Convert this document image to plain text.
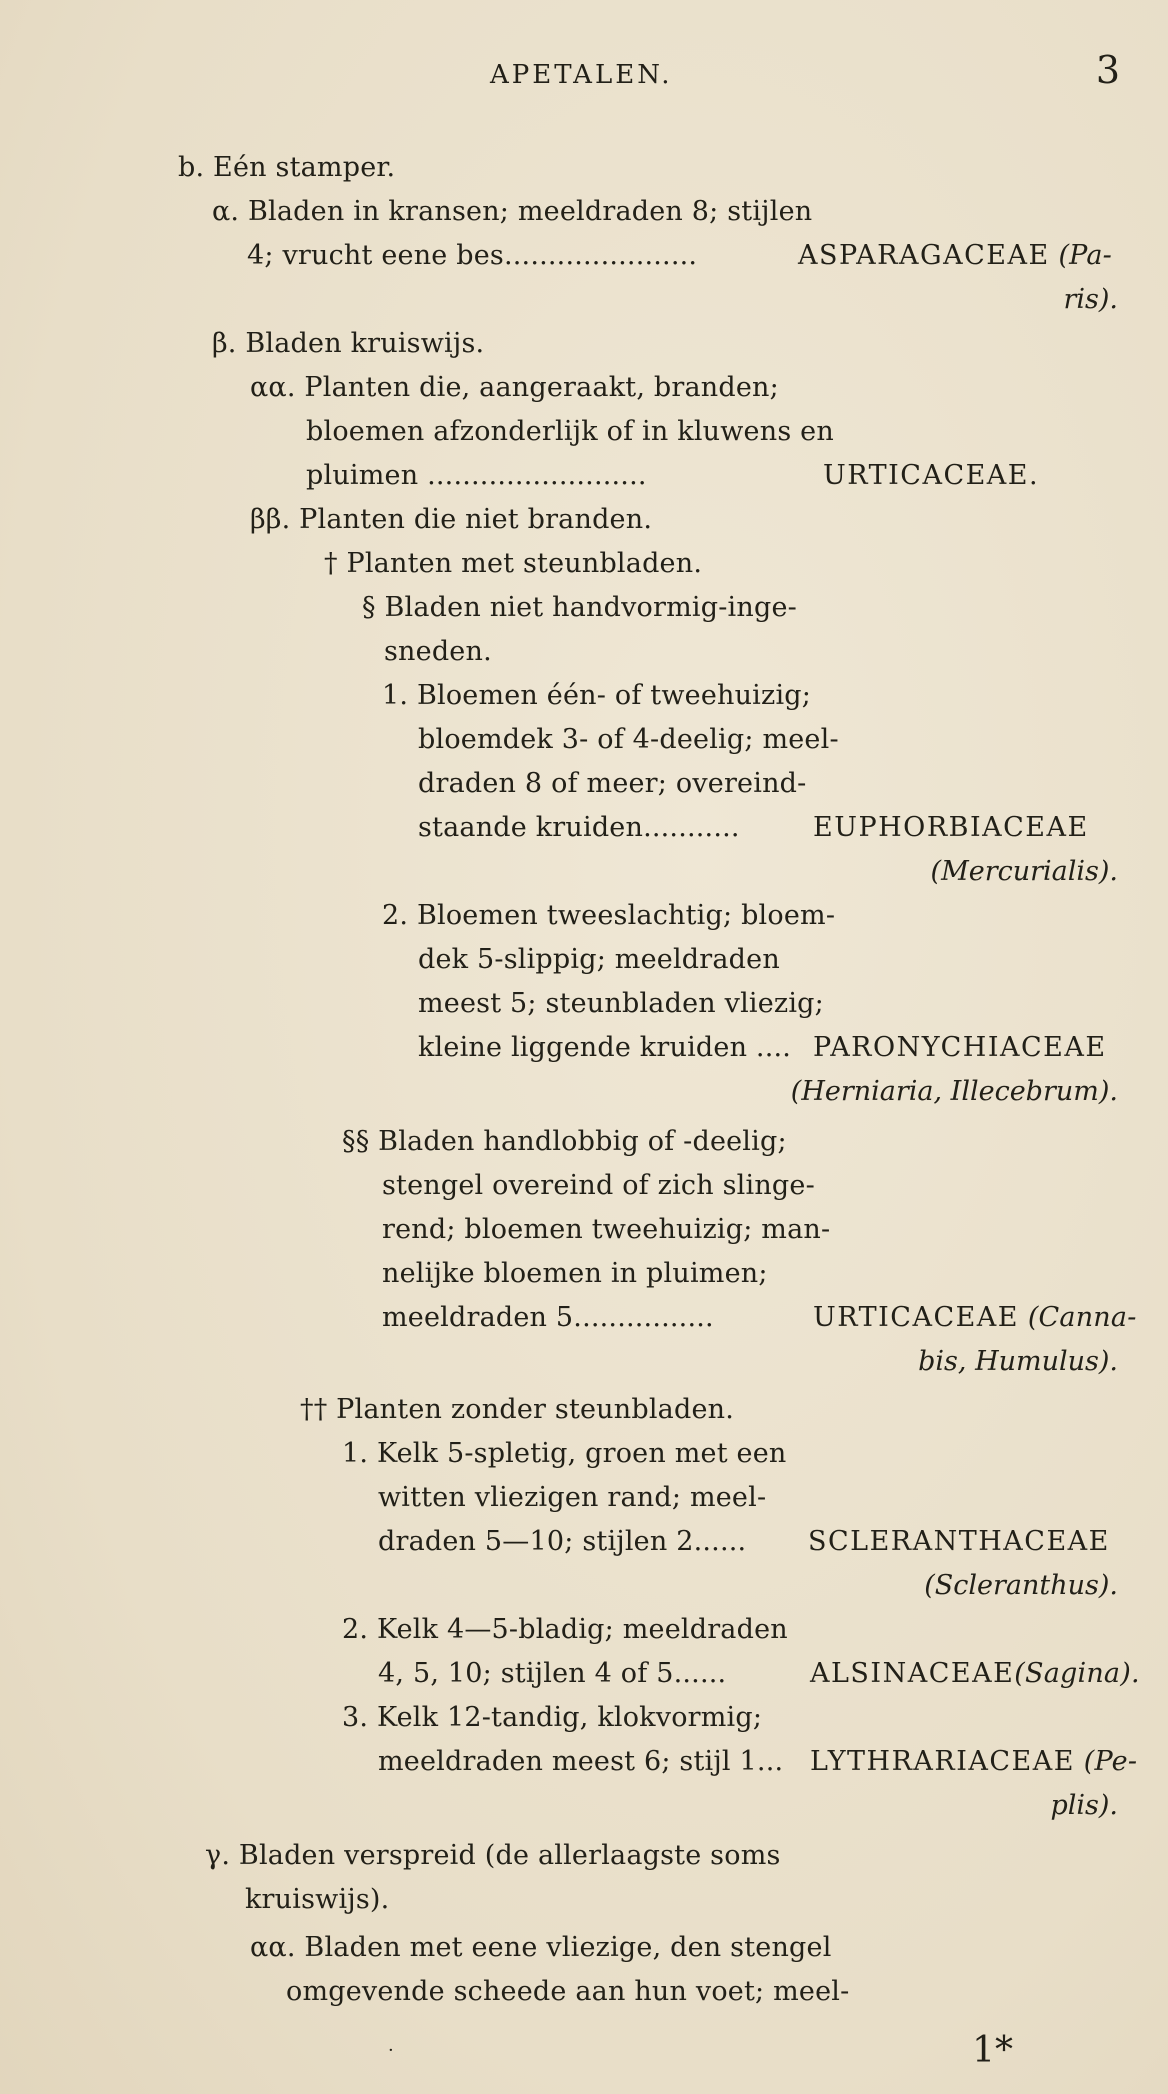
APETALEN.	3
b. Eén stamper.
α. Bladen in kransen; meeldraden 8; stijlen
4; vrucht eene bes......................	ASPARAGACEAE (Pa-
ris).
β. Bladen kruiswijs.
αα. Planten die, aangeraakt, branden;
bloemen afzonderlijk of in kluwens en
pluimen .........................	URTICACEAE.
ββ. Planten die niet branden.
† Planten met steunbladen.
§ Bladen niet handvormig-inge-
sneden.
1. Bloemen één- of tweehuizig;
bloemdek 3- of 4-deelig; meel-
draden 8 of meer; overeind-
staande kruiden...........	EUPHORBIACEAE
(Mercurialis).
2. Bloemen tweeslachtig; bloem-
dek 5-slippig; meeldraden
meest 5; steunbladen vliezig;
kleine liggende kruiden .... PARONYCHIACEAE
(Herniaria, Illecebrum).
§§ Bladen handlobbig of -deelig;
stengel overeind of zich slinge-
rend; bloemen tweehuizig; man-
nelijke bloemen in pluimen;
meeldraden 5................	URTICACEAE (Canna-
bis, Humulus).
†† Planten zonder steunbladen.
1. Kelk 5-spletig, groen met een
witten vliezigen rand; meel-
draden 5—10; stijlen 2...... SCLERANTHACEAE
(Scleranthus).
2. Kelk 4—5-bladig; meeldraden
4, 5, 10; stijlen 4 of 5......	ALSINACEAE(Sagina).
3. Kelk 12-tandig, klokvormig;
meeldraden meest 6; stijl 1... LYTHRARIACEAE (Pe-
plis).
γ. Bladen verspreid (de allerlaagste soms
kruiswijs).
αα. Bladen met eene vliezige, den stengel
omgevende scheede aan hun voet; meel-
·	1*
